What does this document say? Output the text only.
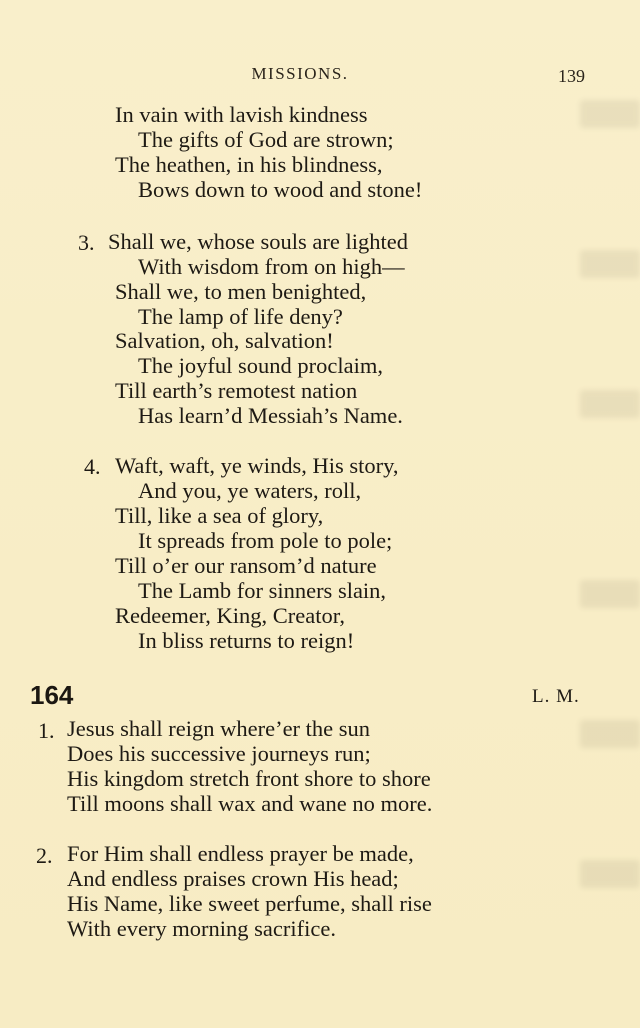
MISSIONS.	139
In vain with lavish kindness
The gifts of God are strown;
The heathen, in his blindness,
Bows down to wood and stone!
3. Shall we, whose souls are lighted
With wisdom from on high—
Shall we, to men benighted,
The lamp of life deny?
Salvation, oh, salvation!
The joyful sound proclaim,
Till earth’s remotest nation
Has learn’d Messiah’s Name.
4. Waft, waft, ye winds, His story,
And you, ye waters, roll,
Till, like a sea of glory,
It spreads from pole to pole;
Till o’er our ransom’d nature
The Lamb for sinners slain,
Redeemer, King, Creator,
In bliss returns to reign!
164	L. M.
1. Jesus shall reign where’er the sun
Does his successive journeys run;
His kingdom stretch front shore to shore
Till moons shall wax and wane no more.
2. For Him shall endless prayer be made,
And endless praises crown His head;
His Name, like sweet perfume, shall rise
With every morning sacrifice.
